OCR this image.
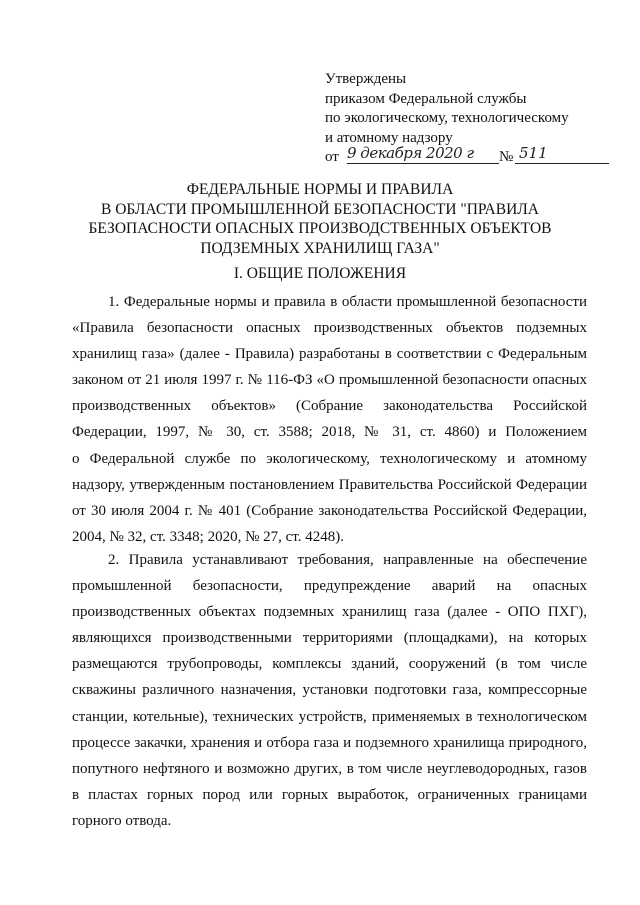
Утверждены
приказом Федеральной службы
по экологическому, технологическому
и атомному надзору
от 9 декабря 2020 г	№ 511
ФЕДЕРАЛЬНЫЕ НОРМЫ И ПРАВИЛА
В ОБЛАСТИ ПРОМЫШЛЕННОЙ БЕЗОПАСНОСТИ "ПРАВИЛА
БЕЗОПАСНОСТИ ОПАСНЫХ ПРОИЗВОДСТВЕННЫХ ОБЪЕКТОВ
ПОДЗЕМНЫХ ХРАНИЛИЩ ГАЗА"
I. ОБЩИЕ ПОЛОЖЕНИЯ
1. Федеральные нормы и правила в области промышленной безопасности
«Правила безопасности опасных производственных объектов подземных
хранилищ газа» (далее - Правила) разработаны в соответствии с Федеральным
законом от 21 июля 1997 г. № 116-ФЗ «О промышленной безопасности опасных
производственных объектов» (Собрание законодательства Российской
Федерации, 1997, № 30, ст. 3588; 2018, № 31, ст. 4860) и Положением
о Федеральной службе по экологическому, технологическому и атомному
надзору, утвержденным постановлением Правительства Российской Федерации
от 30 июля 2004 г. № 401 (Собрание законодательства Российской Федерации,
2004, № 32, ст. 3348; 2020, № 27, ст. 4248).
2. Правила устанавливают требования, направленные на обеспечение
промышленной безопасности, предупреждение аварий на опасных
производственных объектах подземных хранилищ газа (далее - ОПО ПХГ),
являющихся производственными территориями (площадками), на которых
размещаются трубопроводы, комплексы зданий, сооружений (в том числе
скважины различного назначения, установки подготовки газа, компрессорные
станции, котельные), технических устройств, применяемых в технологическом
процессе закачки, хранения и отбора газа и подземного хранилища природного,
попутного нефтяного и возможно других, в том числе неуглеводородных, газов
в пластах горных пород или горных выработок, ограниченных границами
горного отвода.
